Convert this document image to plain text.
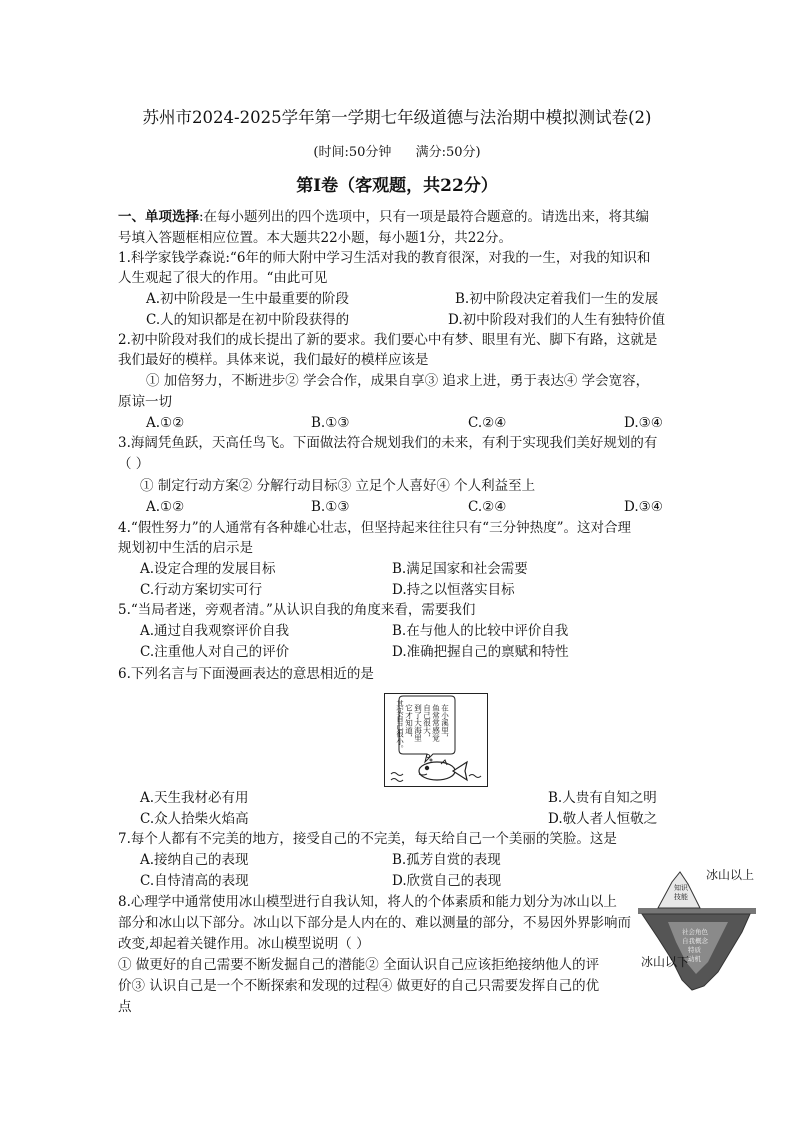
苏州市2024-2025学年第一学期七年级道德与法治期中模拟测试卷(2)
(时间:50分钟 满分:50分)
第I卷（客观题，共22分）
一、单项选择:在每小题列出的四个选项中，只有一项是最符合题意的。请选出来，将其编
号填入答题框相应位置。本大题共22小题，每小题1分，共22分。
1.科学家钱学森说:“6年的师大附中学习生活对我的教育很深，对我的一生，对我的知识和
人生观起了很大的作用。“由此可见
A.初中阶段是一生中最重要的阶段	B.初中阶段决定着我们一生的发展
C.人的知识都是在初中阶段获得的	D.初中阶段对我们的人生有独特价值
2.初中阶段对我们的成长提出了新的要求。我们要心中有梦、眼里有光、脚下有路，这就是
我们最好的模样。具体来说，我们最好的模样应该是
① 加倍努力，不断进步② 学会合作，成果自享③ 追求上进，勇于表达④ 学会宽容，
原谅一切
A.①②	B.①③	C.②④	D.③④
3.海阔凭鱼跃，天高任鸟飞。下面做法符合规划我们的未来，有利于实现我们美好规划的有
（ ）
① 制定行动方案② 分解行动目标③ 立足个人喜好④ 个人利益至上
A.①②	B.①③	C.②④	D.③④
4.“假性努力”的人通常有各种雄心壮志，但坚持起来往往只有“三分钟热度”。这对合理
规划初中生活的启示是
A.设定合理的发展目标	B.满足国家和社会需要
C.行动方案切实可行	D.持之以恒落实目标
5.“当局者迷，旁观者清。”从认识自我的角度来看，需要我们
A.通过自我观察评价自我	B.在与他人的比较中评价自我
C.注重他人对自己的评价	D.准确把握自己的禀赋和特性
6.下列名言与下面漫画表达的意思相近的是
在小溪里，
鱼常常感觉
自己很大，
到了大海里
它才知道，
其实自己很小。
A.天生我材必有用	B.人贵有自知之明
C.众人拾柴火焰高	D.敬人者人恒敬之
7.每个人都有不完美的地方，接受自己的不完美，每天给自己一个美丽的笑脸。这是
A.接纳自己的表现	B.孤芳自赏的表现
C.自恃清高的表现	D.欣赏自己的表现
8.心理学中通常使用冰山模型进行自我认知，将人的个体素质和能力划分为冰山以上
部分和冰山以下部分。冰山以下部分是人内在的、难以测量的部分，不易因外界影响而
改变,却起着关键作用。冰山模型说明（ ）
① 做更好的自己需要不断发掘自己的潜能② 全面认识自己应该拒绝接纳他人的评
价③ 认识自己是一个不断探索和发现的过程④ 做更好的自己只需要发挥自己的优
点
知识
技能
社会角色
自我概念
特质
动机
冰山以上
冰山以下
